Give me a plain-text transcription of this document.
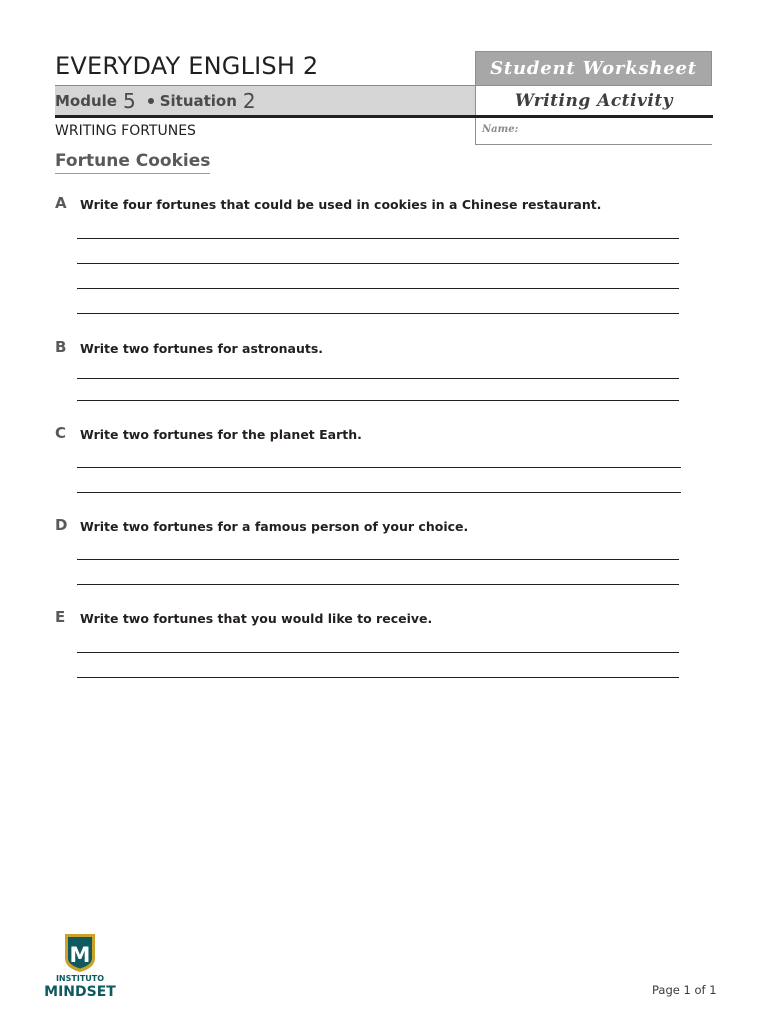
EVERYDAY ENGLISH 2
Module 5 Situation 2
Student Worksheet
Writing Activity
Name:
WRITING FORTUNES
Fortune Cookies
A Write four fortunes that could be used in cookies in a Chinese restaurant.
B Write two fortunes for astronauts.
C Write two fortunes for the planet Earth.
D Write two fortunes for a famous person of your choice.
E Write two fortunes that you would like to receive.
M
INSTITUTO
MINDSET	Page 1 of 1
